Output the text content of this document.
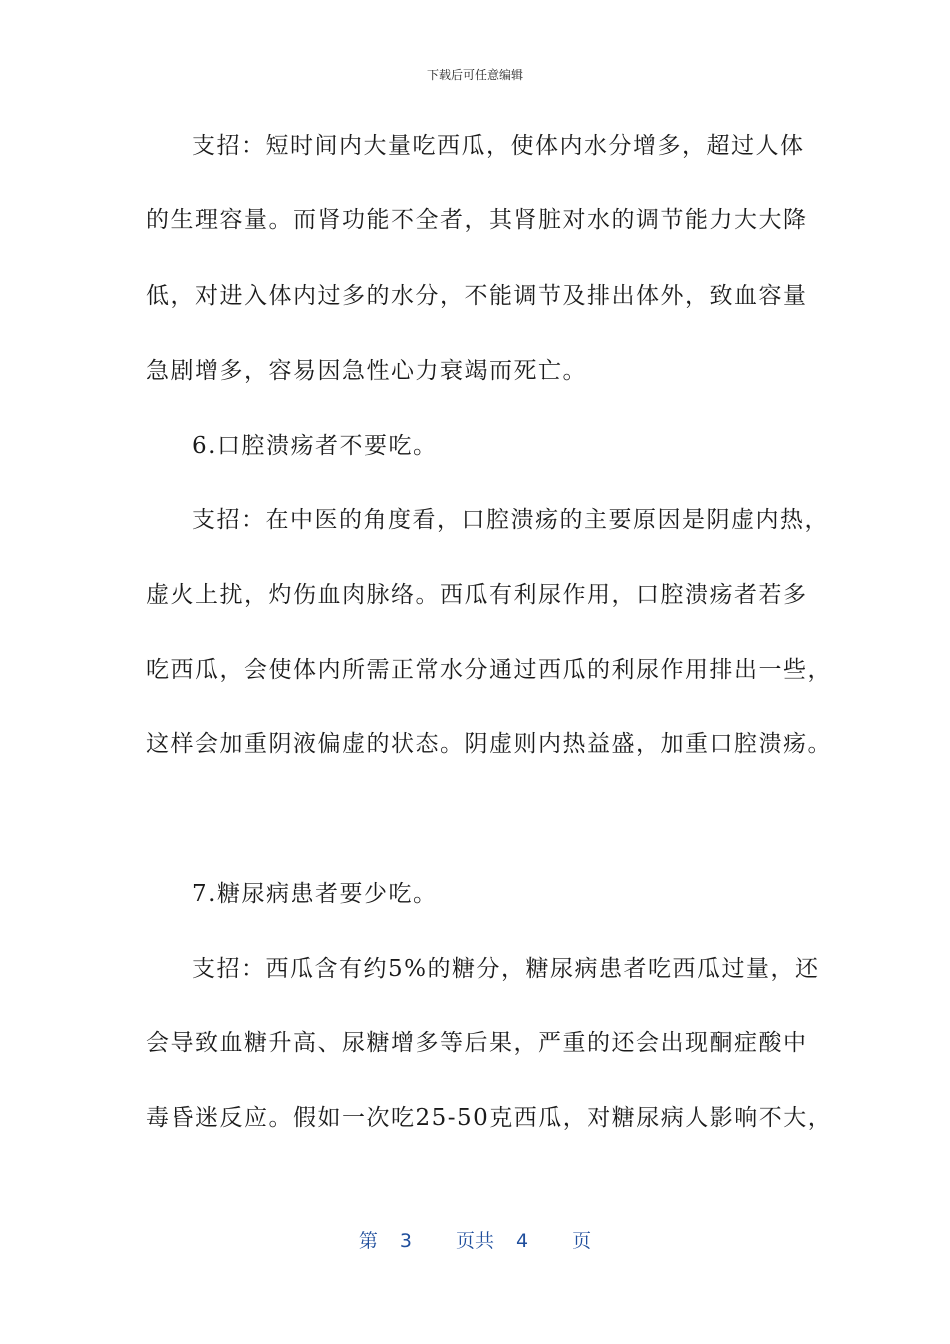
下载后可任意编辑
支招：短时间内大量吃西瓜，使体内水分增多，超过人体
的生理容量。而肾功能不全者，其肾脏对水的调节能力大大降
低，对进入体内过多的水分，不能调节及排出体外，致血容量
急剧增多，容易因急性心力衰竭而死亡。
6.口腔溃疡者不要吃。
支招：在中医的角度看，口腔溃疡的主要原因是阴虚内热，
虚火上扰，灼伤血肉脉络。西瓜有利尿作用，口腔溃疡者若多
吃西瓜，会使体内所需正常水分通过西瓜的利尿作用排出一些，
这样会加重阴液偏虚的状态。阴虚则内热益盛，加重口腔溃疡。
7.糖尿病患者要少吃。
支招：西瓜含有约5%的糖分，糖尿病患者吃西瓜过量，还
会导致血糖升高、尿糖增多等后果，严重的还会出现酮症酸中
毒昏迷反应。假如一次吃25-50克西瓜，对糖尿病人影响不大，
第 3 页共 4 页
